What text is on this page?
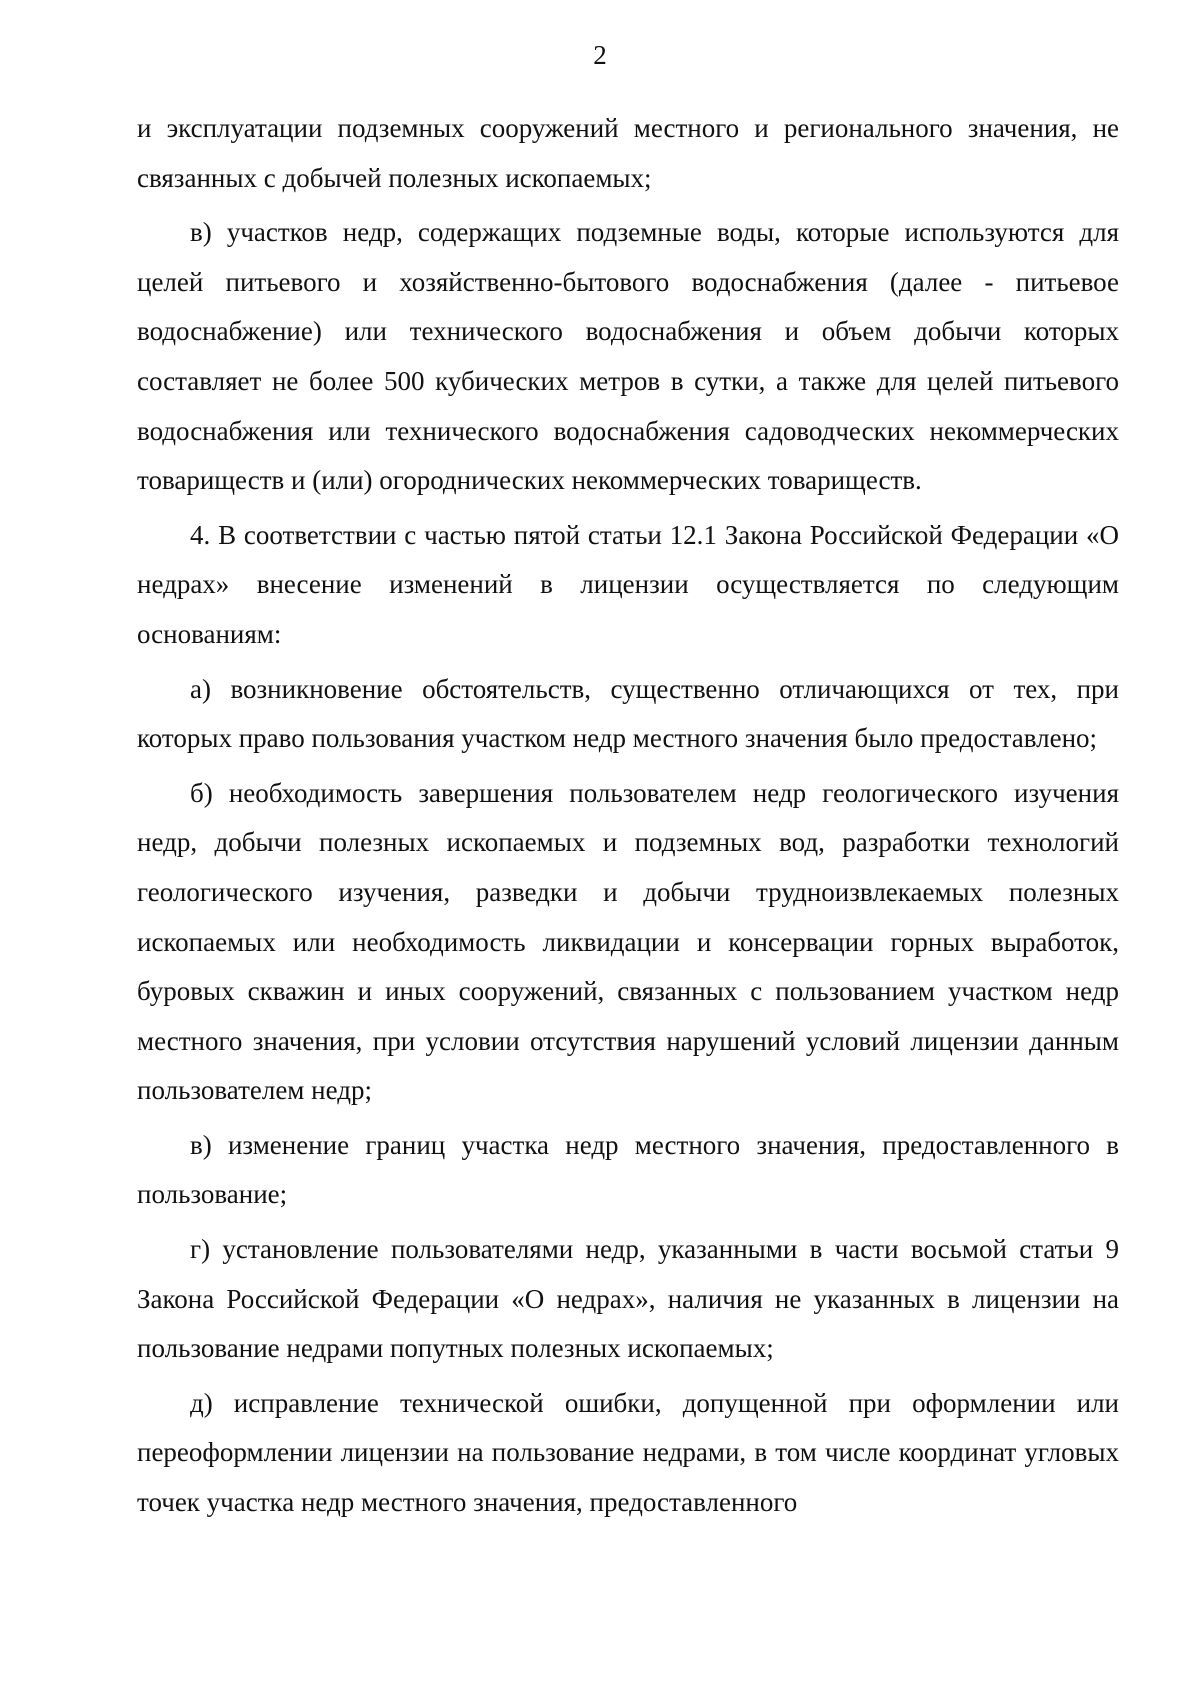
2

и эксплуатации подземных сооружений местного и регионального значения, не связанных с добычей полезных ископаемых;

в) участков недр, содержащих подземные воды, которые используются для целей питьевого и хозяйственно-бытового водоснабжения (далее - питьевое водоснабжение) или технического водоснабжения и объем добычи которых составляет не более 500 кубических метров в сутки, а также для целей питьевого водоснабжения или технического водоснабжения садоводческих некоммерческих товариществ и (или) огороднических некоммерческих товариществ.

4. В соответствии с частью пятой статьи 12.1 Закона Российской Федерации «О недрах» внесение изменений в лицензии осуществляется по следующим основаниям:

а) возникновение обстоятельств, существенно отличающихся от тех, при которых право пользования участком недр местного значения было предоставлено;

б) необходимость завершения пользователем недр геологического изучения недр, добычи полезных ископаемых и подземных вод, разработки технологий геологического изучения, разведки и добычи трудноизвлекаемых полезных ископаемых или необходимость ликвидации и консервации горных выработок, буровых скважин и иных сооружений, связанных с пользованием участком недр местного значения, при условии отсутствия нарушений условий лицензии данным пользователем недр;

в) изменение границ участка недр местного значения, предоставленного в пользование;

г) установление пользователями недр, указанными в части восьмой статьи 9 Закона Российской Федерации «О недрах», наличия не указанных в лицензии на пользование недрами попутных полезных ископаемых;

д) исправление технической ошибки, допущенной при оформлении или переоформлении лицензии на пользование недрами, в том числе координат угловых точек участка недр местного значения, предоставленного
